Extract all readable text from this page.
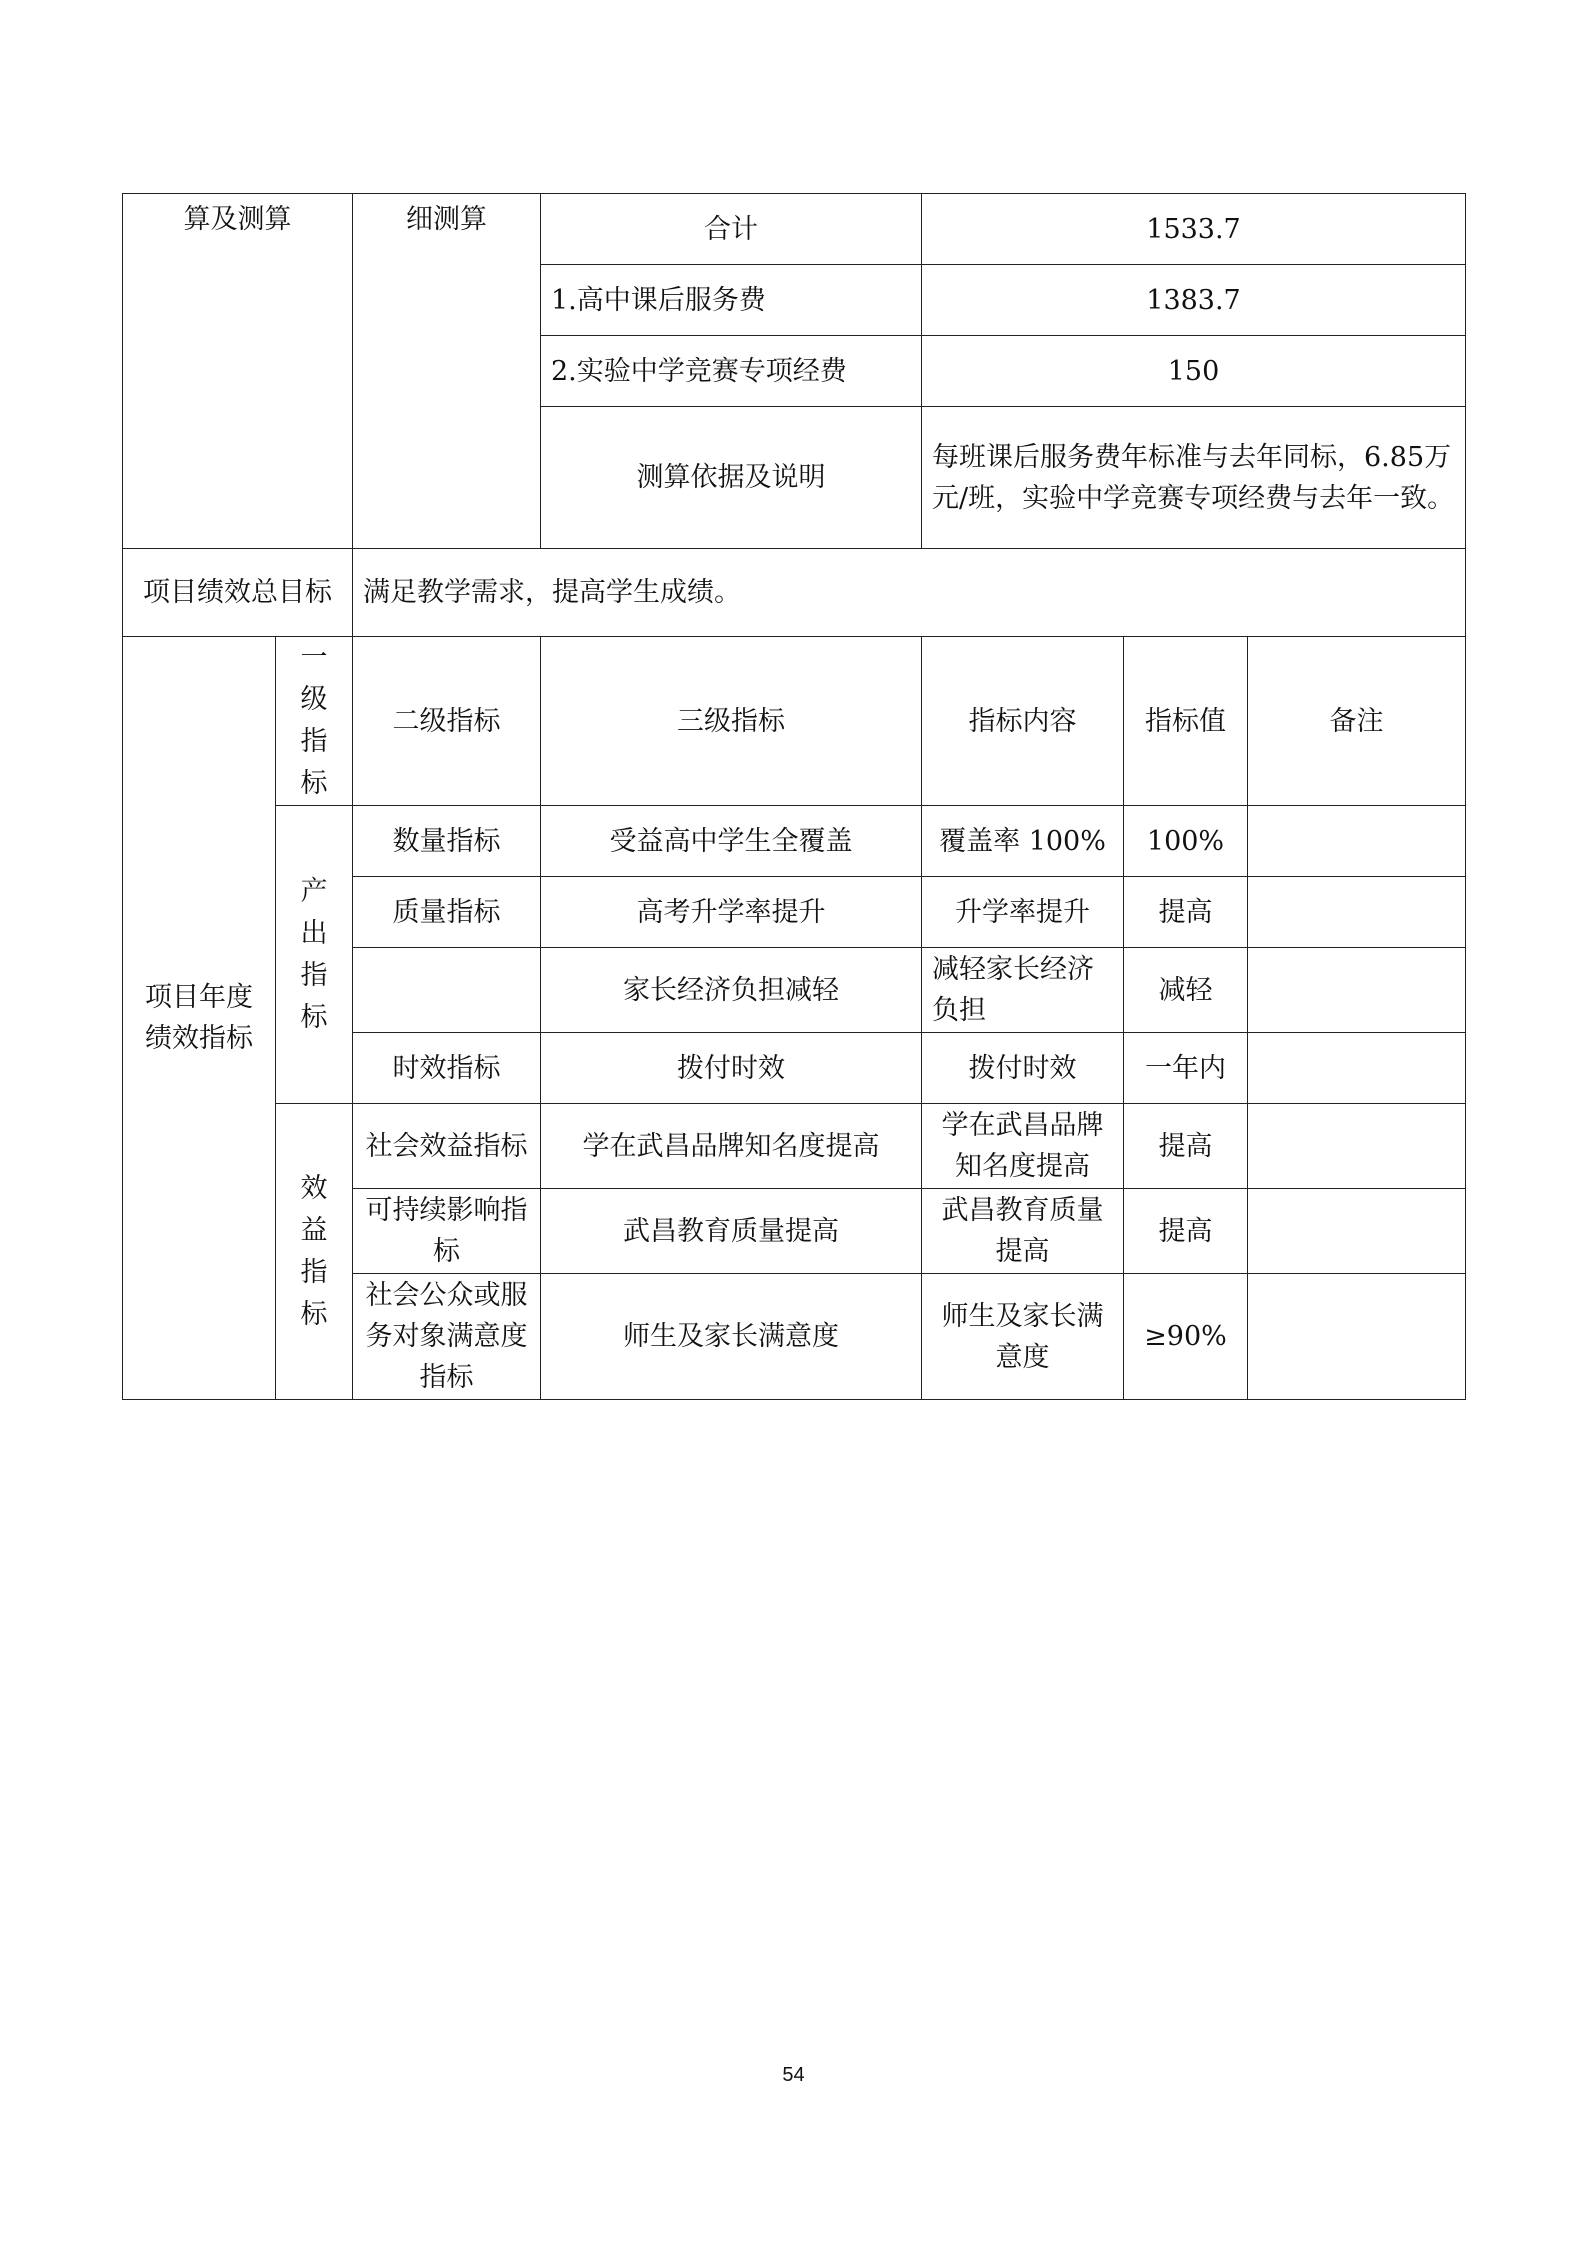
算及测算		细测算	合计	1533.7		
			1.高中课后服务费	1383.7		
			2.实验中学竞赛专项经费	150		
			测算依据及说明	每班课后服务费年标准与去年同标，6.85万元/班，实验中学竞赛专项经费与去年一致。		
项目绩效总目标		满足教学需求，提高学生成绩。				
项目年度绩效指标	一级指标	二级指标	三级指标	指标内容	指标值	备注
	产出指标	数量指标	受益高中学生全覆盖	覆盖率 100%	100%	
		质量指标	高考升学率提升	升学率提升	提高	
			家长经济负担减轻	减轻家长经济负担	减轻	
		时效指标	拨付时效	拨付时效	一年内	
	效益指标	社会效益指标	学在武昌品牌知名度提高	学在武昌品牌知名度提高	提高	
		可持续影响指标	武昌教育质量提高	武昌教育质量提高	提高	
		社会公众或服务对象满意度指标	师生及家长满意度	师生及家长满意度	≥90%	
54
